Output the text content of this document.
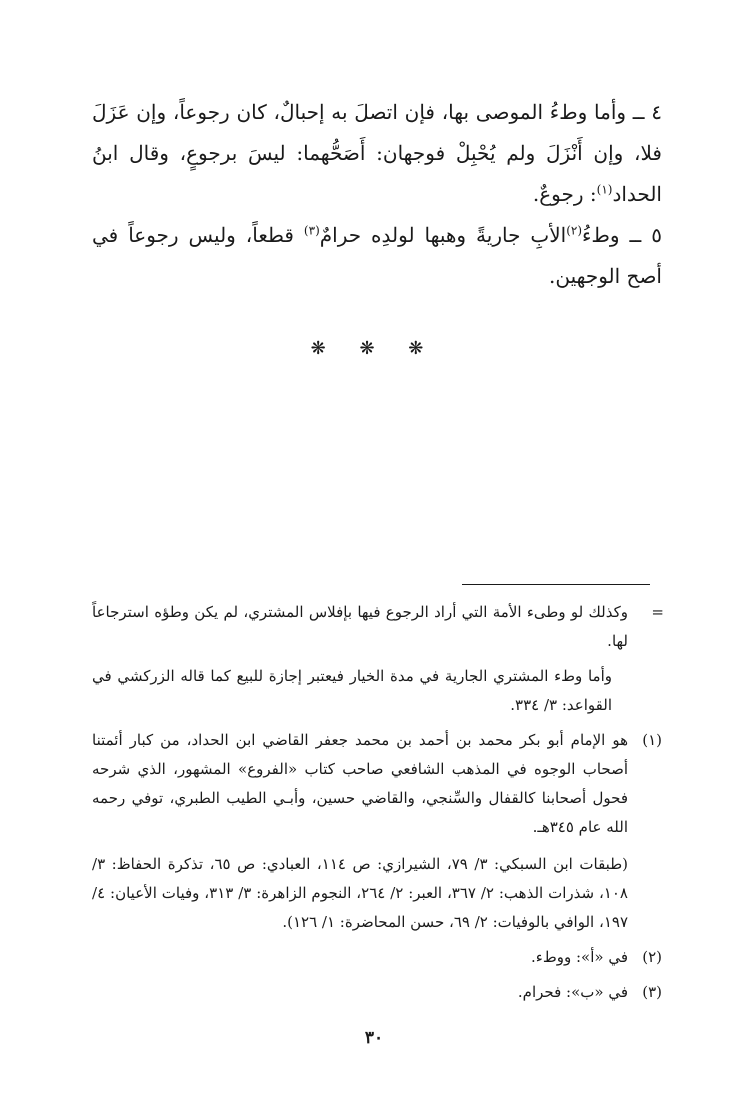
٤ ــ وأما وطءُ الموصى بها، فإن اتصلَ به إحبالٌ، كان رجوعاً، وإن عَزَلَ فلا، وإن أَنْزَلَ ولم يُحْبِلْ فوجهان: أَصَحُّهما: ليسَ برجوعٍ، وقال ابنُ الحداد$^{(١)}$: رجوعٌ.

٥ ــ وطءُ$^{(٢)}$الأبِ جاريةً وهبها لولدِه حرامٌ$^{(٣)}$ قطعاً، وليس رجوعاً في أصح الوجهين.

❋ ❋ ❋
=
وكذلك لو وطىء الأمة التي أراد الرجوع فيها بإفلاس المشتري، لم يكن وطؤه استرجاعاً لها.
وأما وطء المشتري الجارية في مدة الخيار فيعتبر إجازة للبيع كما قاله الزركشي في القواعد: ٣/ ٣٣٤.
(١)
هو الإمام أبو بكر محمد بن أحمد بن محمد جعفر القاضي ابن الحداد، من كبار أئمتنا أصحاب الوجوه في المذهب الشافعي صاحب كتاب «الفروع» المشهور، الذي شرحه فحول أصحابنا كالقفال والسِّنجي، والقاضي حسين، وأبـي الطيب الطبري، توفي رحمه الله عام ٣٤٥هـ.
(طبقات ابن السبكي: ٣/ ٧٩، الشيرازي: ص ١١٤، العبادي: ص ٦٥، تذكرة الحفاظ: ٣/ ١٠٨، شذرات الذهب: ٢/ ٣٦٧، العبر: ٢/ ٢٦٤، النجوم الزاهرة: ٣/ ٣١٣، وفيات الأعيان: ٤/ ١٩٧، الوافي بالوفيات: ٢/ ٦٩، حسن المحاضرة: ١/ ١٢٦).
(٢)
في «أ»: ووطء.
(٣)
في «ب»: فحرام.
٣٠
